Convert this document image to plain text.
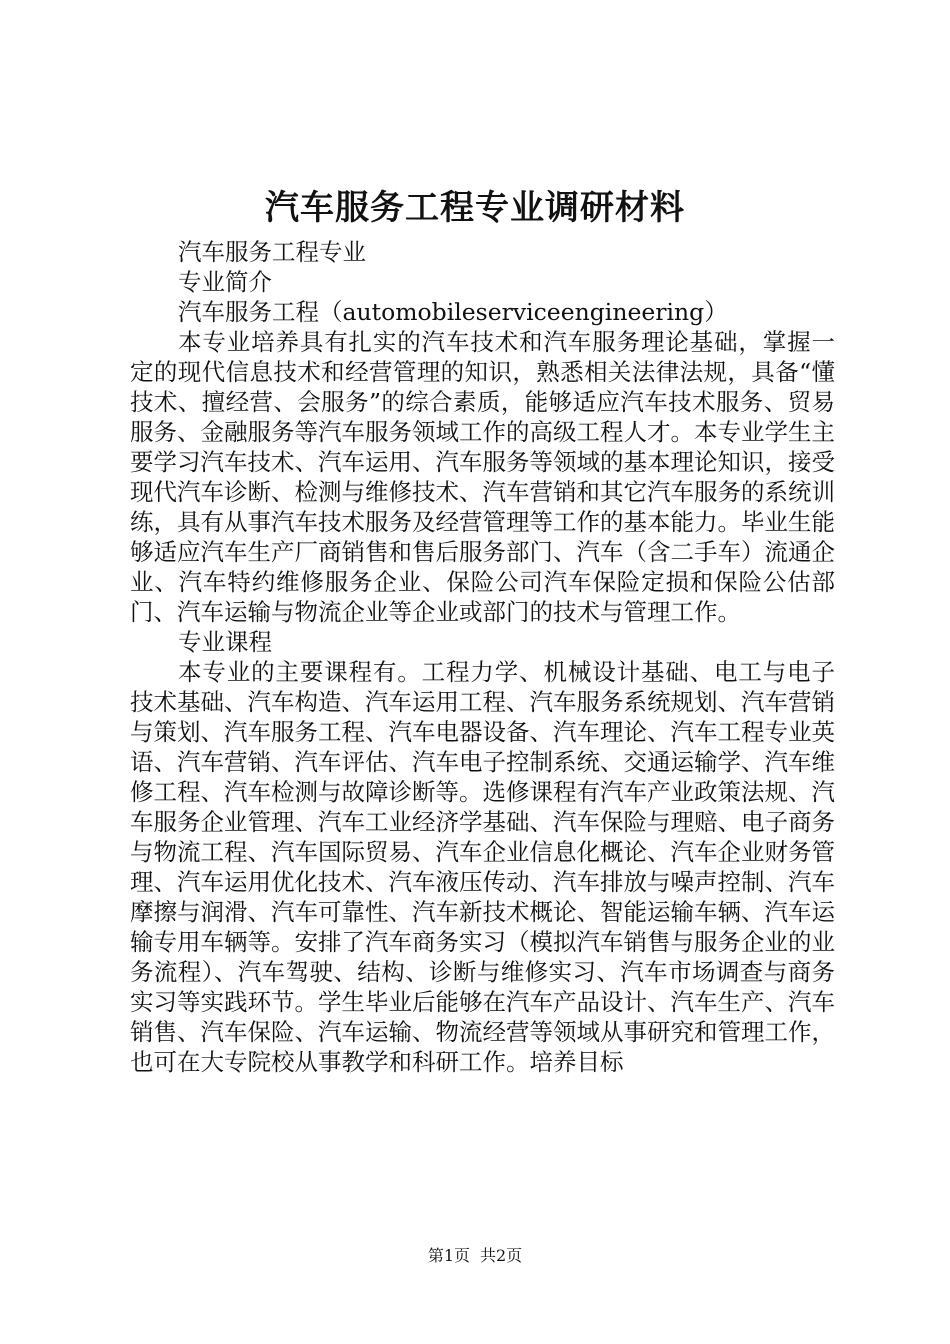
汽车服务工程专业调研材料

汽车服务工程专业

专业简介

汽车服务工程（automobileserviceengineering）

本专业培养具有扎实的汽车技术和汽车服务理论基础，掌握一定的现代信息技术和经营管理的知识，熟悉相关法律法规，具备“懂技术、擅经营、会服务”的综合素质，能够适应汽车技术服务、贸易服务、金融服务等汽车服务领域工作的高级工程人才。本专业学生主要学习汽车技术、汽车运用、汽车服务等领域的基本理论知识，接受现代汽车诊断、检测与维修技术、汽车营销和其它汽车服务的系统训练，具有从事汽车技术服务及经营管理等工作的基本能力。毕业生能够适应汽车生产厂商销售和售后服务部门、汽车（含二手车）流通企业、汽车特约维修服务企业、保险公司汽车保险定损和保险公估部门、汽车运输与物流企业等企业或部门的技术与管理工作。

专业课程

本专业的主要课程有。工程力学、机械设计基础、电工与电子技术基础、汽车构造、汽车运用工程、汽车服务系统规划、汽车营销与策划、汽车服务工程、汽车电器设备、汽车理论、汽车工程专业英语、汽车营销、汽车评估、汽车电子控制系统、交通运输学、汽车维修工程、汽车检测与故障诊断等。选修课程有汽车产业政策法规、汽车服务企业管理、汽车工业经济学基础、汽车保险与理赔、电子商务与物流工程、汽车国际贸易、汽车企业信息化概论、汽车企业财务管理、汽车运用优化技术、汽车液压传动、汽车排放与噪声控制、汽车摩擦与润滑、汽车可靠性、汽车新技术概论、智能运输车辆、汽车运输专用车辆等。安排了汽车商务实习（模拟汽车销售与服务企业的业务流程）、汽车驾驶、结构、诊断与维修实习、汽车市场调查与商务实习等实践环节。学生毕业后能够在汽车产品设计、汽车生产、汽车销售、汽车保险、汽车运输、物流经营等领域从事研究和管理工作，也可在大专院校从事教学和科研工作。培养目标

第1页 共2页
